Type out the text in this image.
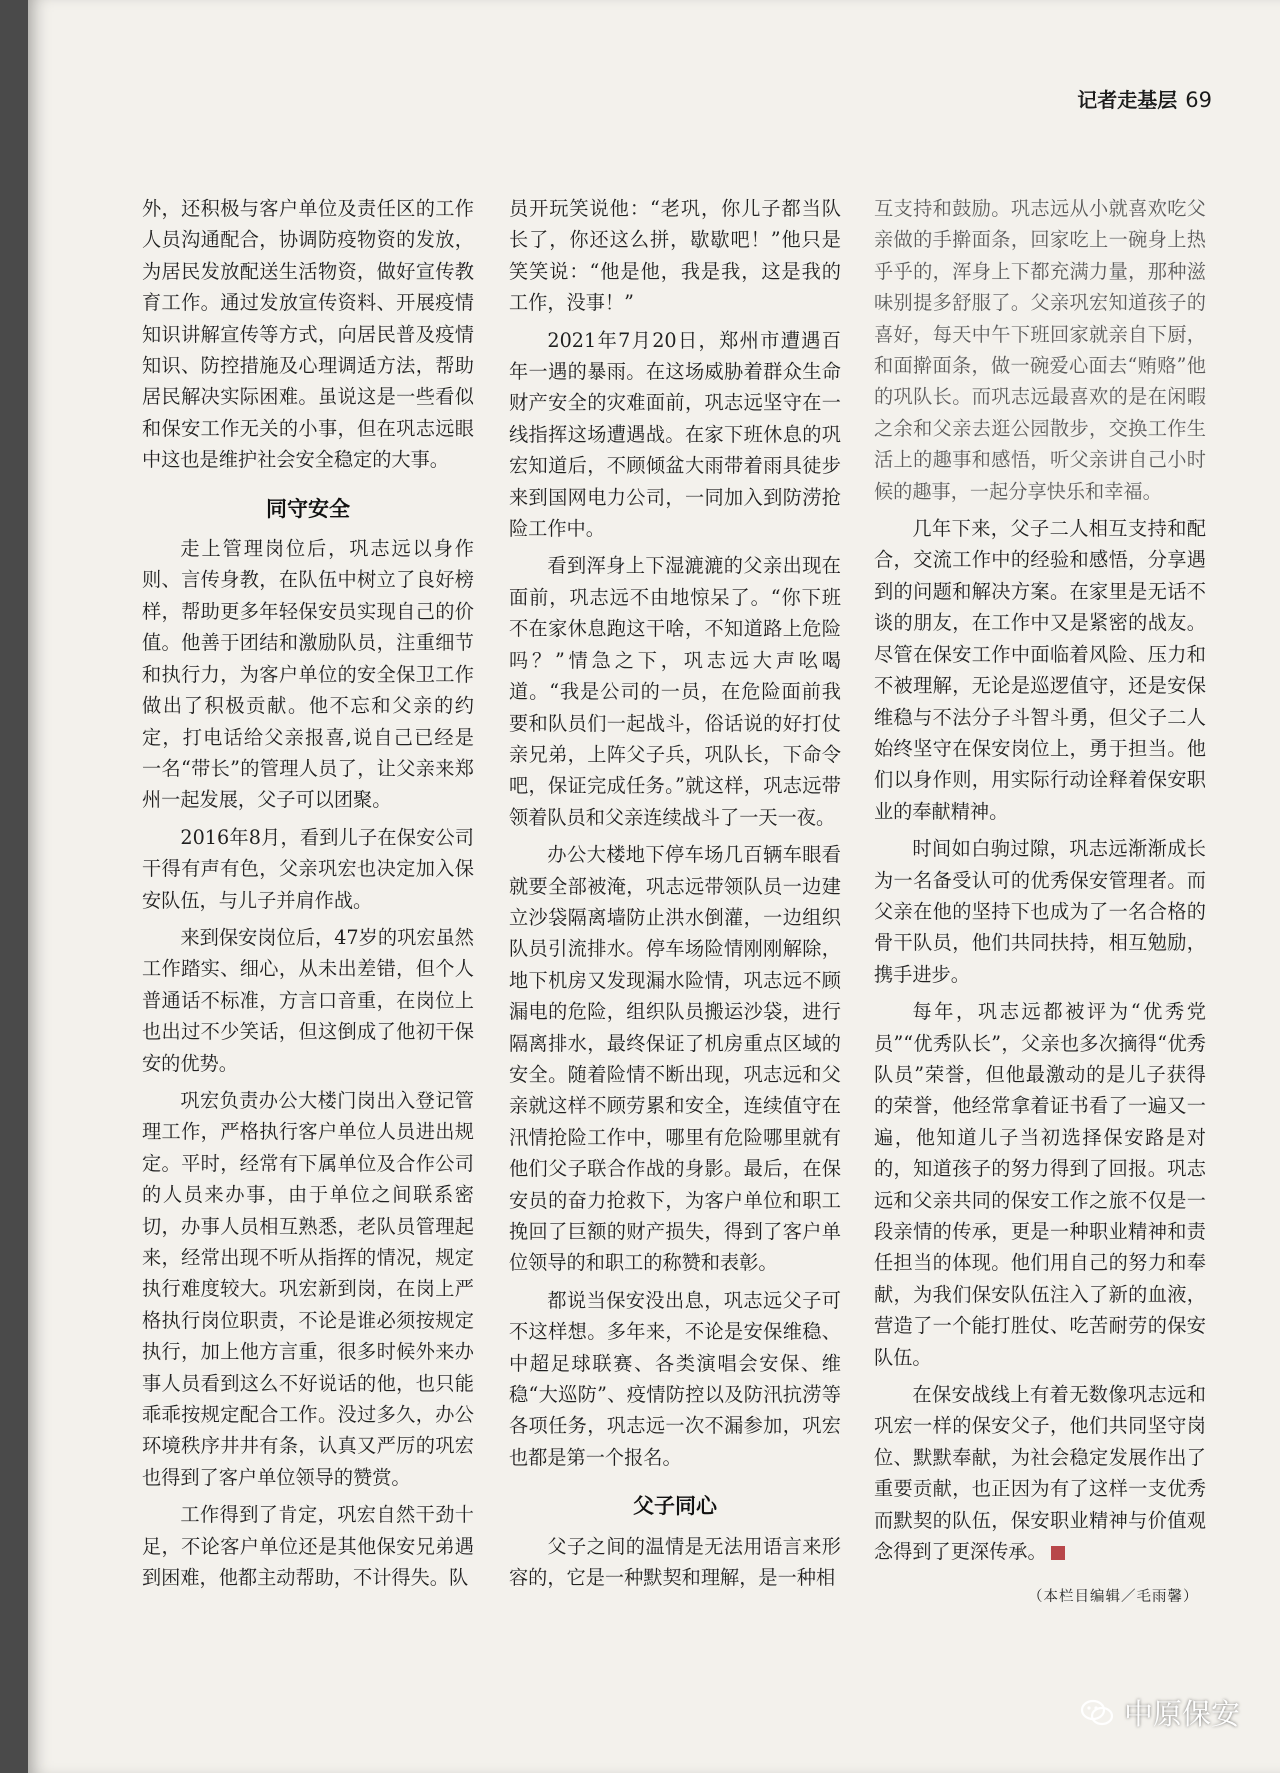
记者走基层 69

外，还积极与客户单位及责任区的工作人员沟通配合，协调防疫物资的发放，为居民发放配送生活物资，做好宣传教育工作。通过发放宣传资料、开展疫情知识讲解宣传等方式，向居民普及疫情知识、防控措施及心理调适方法，帮助居民解决实际困难。虽说这是一些看似和保安工作无关的小事，但在巩志远眼中这也是维护社会安全稳定的大事。

同守安全

走上管理岗位后，巩志远以身作则、言传身教，在队伍中树立了良好榜样，帮助更多年轻保安员实现自己的价值。他善于团结和激励队员，注重细节和执行力，为客户单位的安全保卫工作做出了积极贡献。他不忘和父亲的约定，打电话给父亲报喜,说自己已经是一名“带长”的管理人员了，让父亲来郑州一起发展，父子可以团聚。

2016年8月，看到儿子在保安公司干得有声有色，父亲巩宏也决定加入保安队伍，与儿子并肩作战。

来到保安岗位后，47岁的巩宏虽然工作踏实、细心，从未出差错，但个人普通话不标准，方言口音重，在岗位上也出过不少笑话，但这倒成了他初干保安的优势。

巩宏负责办公大楼门岗出入登记管理工作，严格执行客户单位人员进出规定。平时，经常有下属单位及合作公司的人员来办事，由于单位之间联系密切，办事人员相互熟悉，老队员管理起来，经常出现不听从指挥的情况，规定执行难度较大。巩宏新到岗，在岗上严格执行岗位职责，不论是谁必须按规定执行，加上他方言重，很多时候外来办事人员看到这么不好说话的他，也只能乖乖按规定配合工作。没过多久，办公环境秩序井井有条，认真又严厉的巩宏也得到了客户单位领导的赞赏。

工作得到了肯定，巩宏自然干劲十足，不论客户单位还是其他保安兄弟遇到困难，他都主动帮助，不计得失。队

员开玩笑说他：“老巩，你儿子都当队长了，你还这么拼，歇歇吧！”他只是笑笑说：“他是他，我是我，这是我的工作，没事！”

2021年7月20日，郑州市遭遇百年一遇的暴雨。在这场威胁着群众生命财产安全的灾难面前，巩志远坚守在一线指挥这场遭遇战。在家下班休息的巩宏知道后，不顾倾盆大雨带着雨具徒步来到国网电力公司，一同加入到防涝抢险工作中。

看到浑身上下湿漉漉的父亲出现在面前，巩志远不由地惊呆了。“你下班不在家休息跑这干啥，不知道路上危险吗？”情急之下，巩志远大声吆喝道。“我是公司的一员，在危险面前我要和队员们一起战斗，俗话说的好打仗亲兄弟，上阵父子兵，巩队长，下命令吧，保证完成任务。”就这样，巩志远带领着队员和父亲连续战斗了一天一夜。

办公大楼地下停车场几百辆车眼看就要全部被淹，巩志远带领队员一边建立沙袋隔离墙防止洪水倒灌，一边组织队员引流排水。停车场险情刚刚解除，地下机房又发现漏水险情，巩志远不顾漏电的危险，组织队员搬运沙袋，进行隔离排水，最终保证了机房重点区域的安全。随着险情不断出现，巩志远和父亲就这样不顾劳累和安全，连续值守在汛情抢险工作中，哪里有危险哪里就有他们父子联合作战的身影。最后，在保安员的奋力抢救下，为客户单位和职工挽回了巨额的财产损失，得到了客户单位领导的和职工的称赞和表彰。

都说当保安没出息，巩志远父子可不这样想。多年来，不论是安保维稳、中超足球联赛、各类演唱会安保、维稳“大巡防”、疫情防控以及防汛抗涝等各项任务，巩志远一次不漏参加，巩宏也都是第一个报名。

父子同心

父子之间的温情是无法用语言来形容的，它是一种默契和理解，是一种相

互支持和鼓励。巩志远从小就喜欢吃父亲做的手擀面条，回家吃上一碗身上热乎乎的，浑身上下都充满力量，那种滋味别提多舒服了。父亲巩宏知道孩子的喜好，每天中午下班回家就亲自下厨，和面擀面条，做一碗爱心面去“贿赂”他的巩队长。而巩志远最喜欢的是在闲暇之余和父亲去逛公园散步，交换工作生活上的趣事和感悟，听父亲讲自己小时候的趣事，一起分享快乐和幸福。

几年下来，父子二人相互支持和配合，交流工作中的经验和感悟，分享遇到的问题和解决方案。在家里是无话不谈的朋友，在工作中又是紧密的战友。尽管在保安工作中面临着风险、压力和不被理解，无论是巡逻值守，还是安保维稳与不法分子斗智斗勇，但父子二人始终坚守在保安岗位上，勇于担当。他们以身作则，用实际行动诠释着保安职业的奉献精神。

时间如白驹过隙，巩志远渐渐成长为一名备受认可的优秀保安管理者。而父亲在他的坚持下也成为了一名合格的骨干队员，他们共同扶持，相互勉励，携手进步。

每年，巩志远都被评为“优秀党员”“优秀队长”，父亲也多次摘得“优秀队员”荣誉，但他最激动的是儿子获得的荣誉，他经常拿着证书看了一遍又一遍，他知道儿子当初选择保安路是对的，知道孩子的努力得到了回报。巩志远和父亲共同的保安工作之旅不仅是一段亲情的传承，更是一种职业精神和责任担当的体现。他们用自己的努力和奉献，为我们保安队伍注入了新的血液，营造了一个能打胜仗、吃苦耐劳的保安队伍。

在保安战线上有着无数像巩志远和巩宏一样的保安父子，他们共同坚守岗位、默默奉献，为社会稳定发展作出了重要贡献，也正因为有了这样一支优秀而默契的队伍，保安职业精神与价值观念得到了更深传承。

（本栏目编辑／毛雨馨）
中原保安
